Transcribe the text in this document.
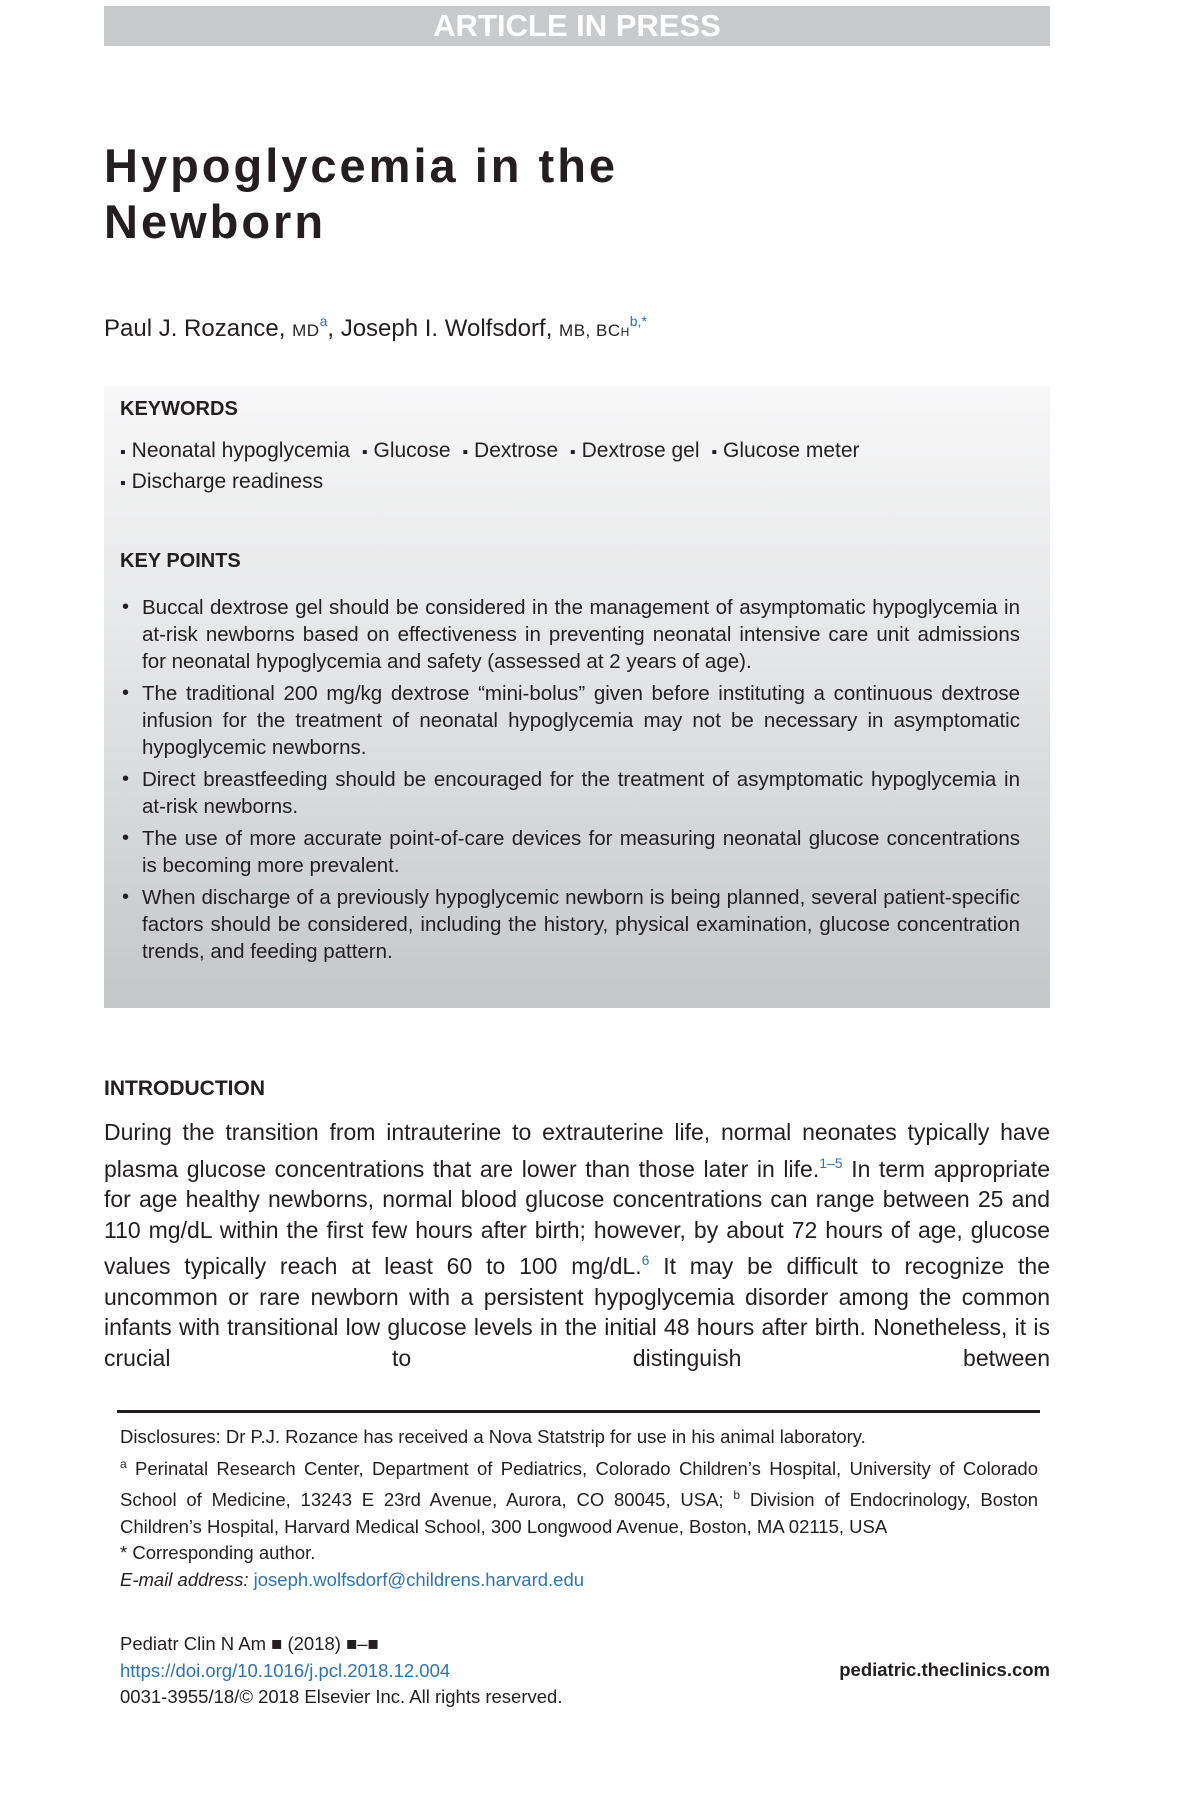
ARTICLE IN PRESS
Hypoglycemia in the
Newborn
Paul J. Rozance, $MD^a$, Joseph I. Wolfsdorf, MB, BCh$^{b,*}$
KEYWORDS
▪ Neonatal hypoglycemia ▪ Glucose ▪ Dextrose ▪ Dextrose gel ▪ Glucose meter
▪ Discharge readiness
KEY POINTS
• Buccal dextrose gel should be considered in the management of asymptomatic hypoglycemia in at-risk newborns based on effectiveness in preventing neonatal intensive care unit admissions for neonatal hypoglycemia and safety (assessed at 2 years of age).
• The traditional 200 mg/kg dextrose “mini-bolus” given before instituting a continuous dextrose infusion for the treatment of neonatal hypoglycemia may not be necessary in asymptomatic hypoglycemic newborns.
• Direct breastfeeding should be encouraged for the treatment of asymptomatic hypoglycemia in at-risk newborns.
• The use of more accurate point-of-care devices for measuring neonatal glucose concentrations is becoming more prevalent.
• When discharge of a previously hypoglycemic newborn is being planned, several patient-specific factors should be considered, including the history, physical examination, glucose concentration trends, and feeding pattern.
INTRODUCTION

During the transition from intrauterine to extrauterine life, normal neonates typically have plasma glucose concentrations that are lower than those later in life.$^{1-5}$ In term appropriate for age healthy newborns, normal blood glucose concentrations can range between 25 and 110 mg/dL within the first few hours after birth; however, by about 72 hours of age, glucose values typically reach at least 60 to 100 mg/dL.$^6$ It may be difficult to recognize the uncommon or rare newborn with a persistent hypoglycemia disorder among the common infants with transitional low glucose levels in the initial 48 hours after birth. Nonetheless, it is crucial to distinguish between

Disclosures: Dr P.J. Rozance has received a Nova Statstrip for use in his animal laboratory.

$^a$ Perinatal Research Center, Department of Pediatrics, Colorado Children’s Hospital, University of Colorado School of Medicine, 13243 E 23rd Avenue, Aurora, CO 80045, USA; $^b$ Division of Endocrinology, Boston Children’s Hospital, Harvard Medical School, 300 Longwood Avenue, Boston, MA 02115, USA

* Corresponding author.

E-mail address: joseph.wolfsdorf@childrens.harvard.edu

Pediatr Clin N Am ■ (2018) ■–■
https://doi.org/10.1016/j.pcl.2018.12.004
0031-3955/18/© 2018 Elsevier Inc. All rights reserved.
pediatric.theclinics.com
